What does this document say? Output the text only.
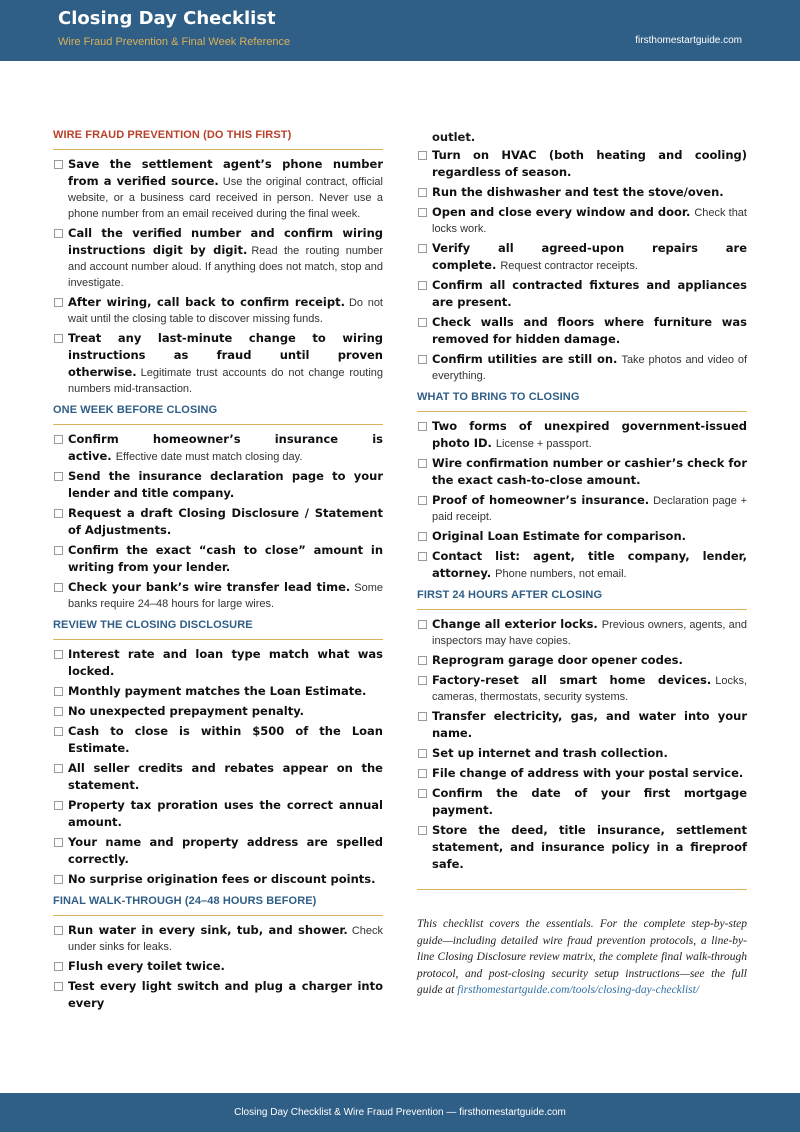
Closing Day Checklist
Wire Fraud Prevention & Final Week Reference	firsthomestartguide.com
WIRE FRAUD PREVENTION (DO THIS FIRST)
Save the settlement agent’s phone number from a verified source. Use the original contract, official website, or a business card received in person. Never use a phone number from an email received during the final week.
Call the verified number and confirm wiring instructions digit by digit. Read the routing number and account number aloud. If anything does not match, stop and investigate.
After wiring, call back to confirm receipt. Do not wait until the closing table to discover missing funds.
Treat any last-minute change to wiring instructions as fraud until proven otherwise. Legitimate trust accounts do not change routing numbers mid-transaction.
ONE WEEK BEFORE CLOSING
Confirm homeowner’s insurance is active. Effective date must match closing day.
Send the insurance declaration page to your lender and title company.
Request a draft Closing Disclosure / Statement of Adjustments.
Confirm the exact “cash to close” amount in writing from your lender.
Check your bank’s wire transfer lead time. Some banks require 24–48 hours for large wires.
REVIEW THE CLOSING DISCLOSURE
Interest rate and loan type match what was locked.
Monthly payment matches the Loan Estimate.
No unexpected prepayment penalty.
Cash to close is within $500 of the Loan Estimate.
All seller credits and rebates appear on the statement.
Property tax proration uses the correct annual amount.
Your name and property address are spelled correctly.
No surprise origination fees or discount points.
FINAL WALK-THROUGH (24–48 HOURS BEFORE)
Run water in every sink, tub, and shower. Check under sinks for leaks.
Flush every toilet twice.
Test every light switch and plug a charger into every
outlet.
Turn on HVAC (both heating and cooling) regardless of season.
Run the dishwasher and test the stove/oven.
Open and close every window and door. Check that locks work.
Verify all agreed-upon repairs are complete. Request contractor receipts.
Confirm all contracted fixtures and appliances are present.
Check walls and floors where furniture was removed for hidden damage.
Confirm utilities are still on. Take photos and video of everything.
WHAT TO BRING TO CLOSING
Two forms of unexpired government-issued photo ID. License + passport.
Wire confirmation number or cashier’s check for the exact cash-to-close amount.
Proof of homeowner’s insurance. Declaration page + paid receipt.
Original Loan Estimate for comparison.
Contact list: agent, title company, lender, attorney. Phone numbers, not email.
FIRST 24 HOURS AFTER CLOSING
Change all exterior locks. Previous owners, agents, and inspectors may have copies.
Reprogram garage door opener codes.
Factory-reset all smart home devices. Locks, cameras, thermostats, security systems.
Transfer electricity, gas, and water into your name.
Set up internet and trash collection.
File change of address with your postal service.
Confirm the date of your first mortgage payment.
Store the deed, title insurance, settlement statement, and insurance policy in a fireproof safe.
This checklist covers the essentials. For the complete step-by-step guide—including detailed wire fraud prevention protocols, a line-by-line Closing Disclosure review matrix, the complete final walk-through protocol, and post-closing security setup instructions—see the full guide at firsthomestartguide.com/tools/closing-day-checklist/
Closing Day Checklist & Wire Fraud Prevention — firsthomestartguide.com
